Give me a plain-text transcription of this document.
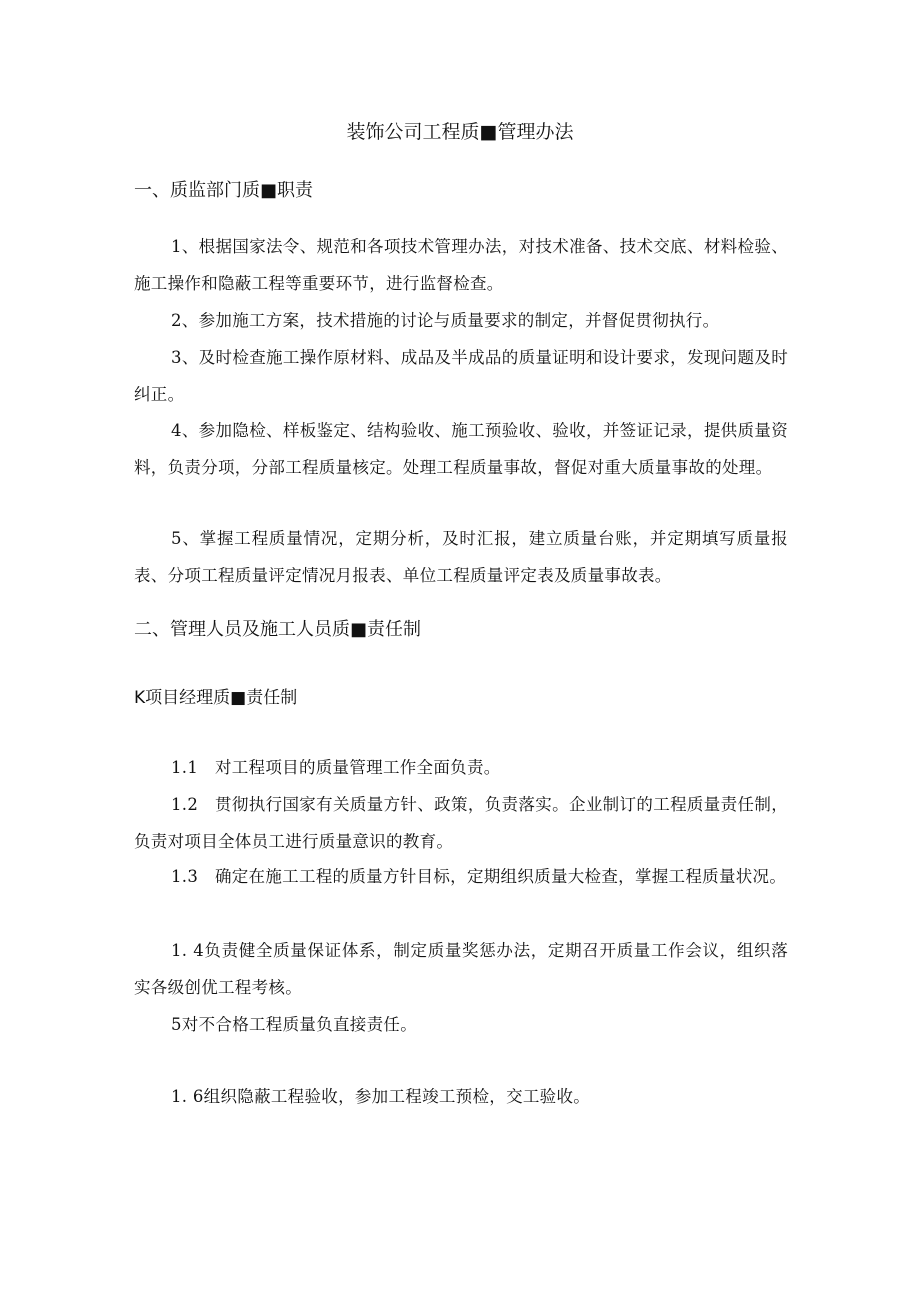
装饰公司工程质■管理办法
一、质监部门质■职责

1、根据国家法令、规范和各项技术管理办法，对技术准备、技术交底、材料检验、施工操作和隐蔽工程等重要环节，进行监督检查。

2、参加施工方案，技术措施的讨论与质量要求的制定，并督促贯彻执行。

3、及时检查施工操作原材料、成品及半成品的质量证明和设计要求，发现问题及时纠正。

4、参加隐检、样板鉴定、结构验收、施工预验收、验收，并签证记录，提供质量资料，负责分项，分部工程质量核定。处理工程质量事故，督促对重大质量事故的处理。

5、掌握工程质量情况，定期分析，及时汇报，建立质量台账，并定期填写质量报表、分项工程质量评定情况月报表、单位工程质量评定表及质量事故表。

二、管理人员及施工人员质■责任制
K项目经理质■责任制

1.1　对工程项目的质量管理工作全面负责。

1.2　贯彻执行国家有关质量方针、政策，负责落实。企业制订的工程质量责任制，负责对项目全体员工进行质量意识的教育。

1.3　确定在施工工程的质量方针目标，定期组织质量大检查，掌握工程质量状况。

1. 4负责健全质量保证体系，制定质量奖惩办法，定期召开质量工作会议，组织落实各级创优工程考核。

5对不合格工程质量负直接责任。

1. 6组织隐蔽工程验收，参加工程竣工预检，交工验收。
